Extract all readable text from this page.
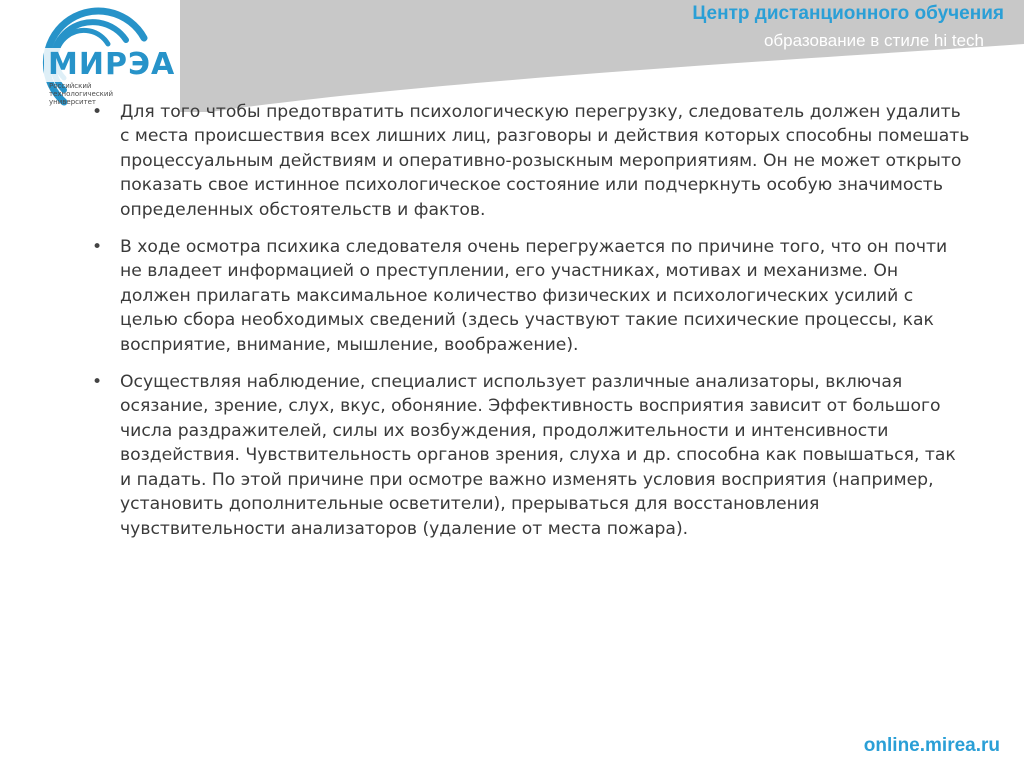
МИРЭА
Российский технологический университет
Центр дистанционного обучения
образование в стиле hi tech
• Для того чтобы предотвратить психологическую перегрузку, следователь должен удалить с места происшествия всех лишних лиц, разговоры и действия которых способны помешать процессуальным действиям и оперативно-розыскным мероприятиям. Он не может открыто показать свое истинное психологическое состояние или подчеркнуть особую значимость определенных обстоятельств и фактов.
• В ходе осмотра психика следователя очень перегружается по причине того, что он почти не владеет информацией о преступлении, его участниках, мотивах и механизме. Он должен прилагать максимальное количество физических и психологических усилий с целью сбора необходимых сведений (здесь участвуют такие психические процессы, как восприятие, внимание, мышление, воображение).
• Осуществляя наблюдение, специалист использует различные анализаторы, включая осязание, зрение, слух, вкус, обоняние. Эффективность восприятия зависит от большого числа раздражителей, силы их возбуждения, продолжительности и интенсивности воздействия. Чувствительность органов зрения, слуха и др. способна как повышаться, так и падать. По этой причине при осмотре важно изменять условия восприятия (например, установить дополнительные осветители), прерываться для восстановления чувствительности анализаторов (удаление от места пожара).
online.mirea.ru
